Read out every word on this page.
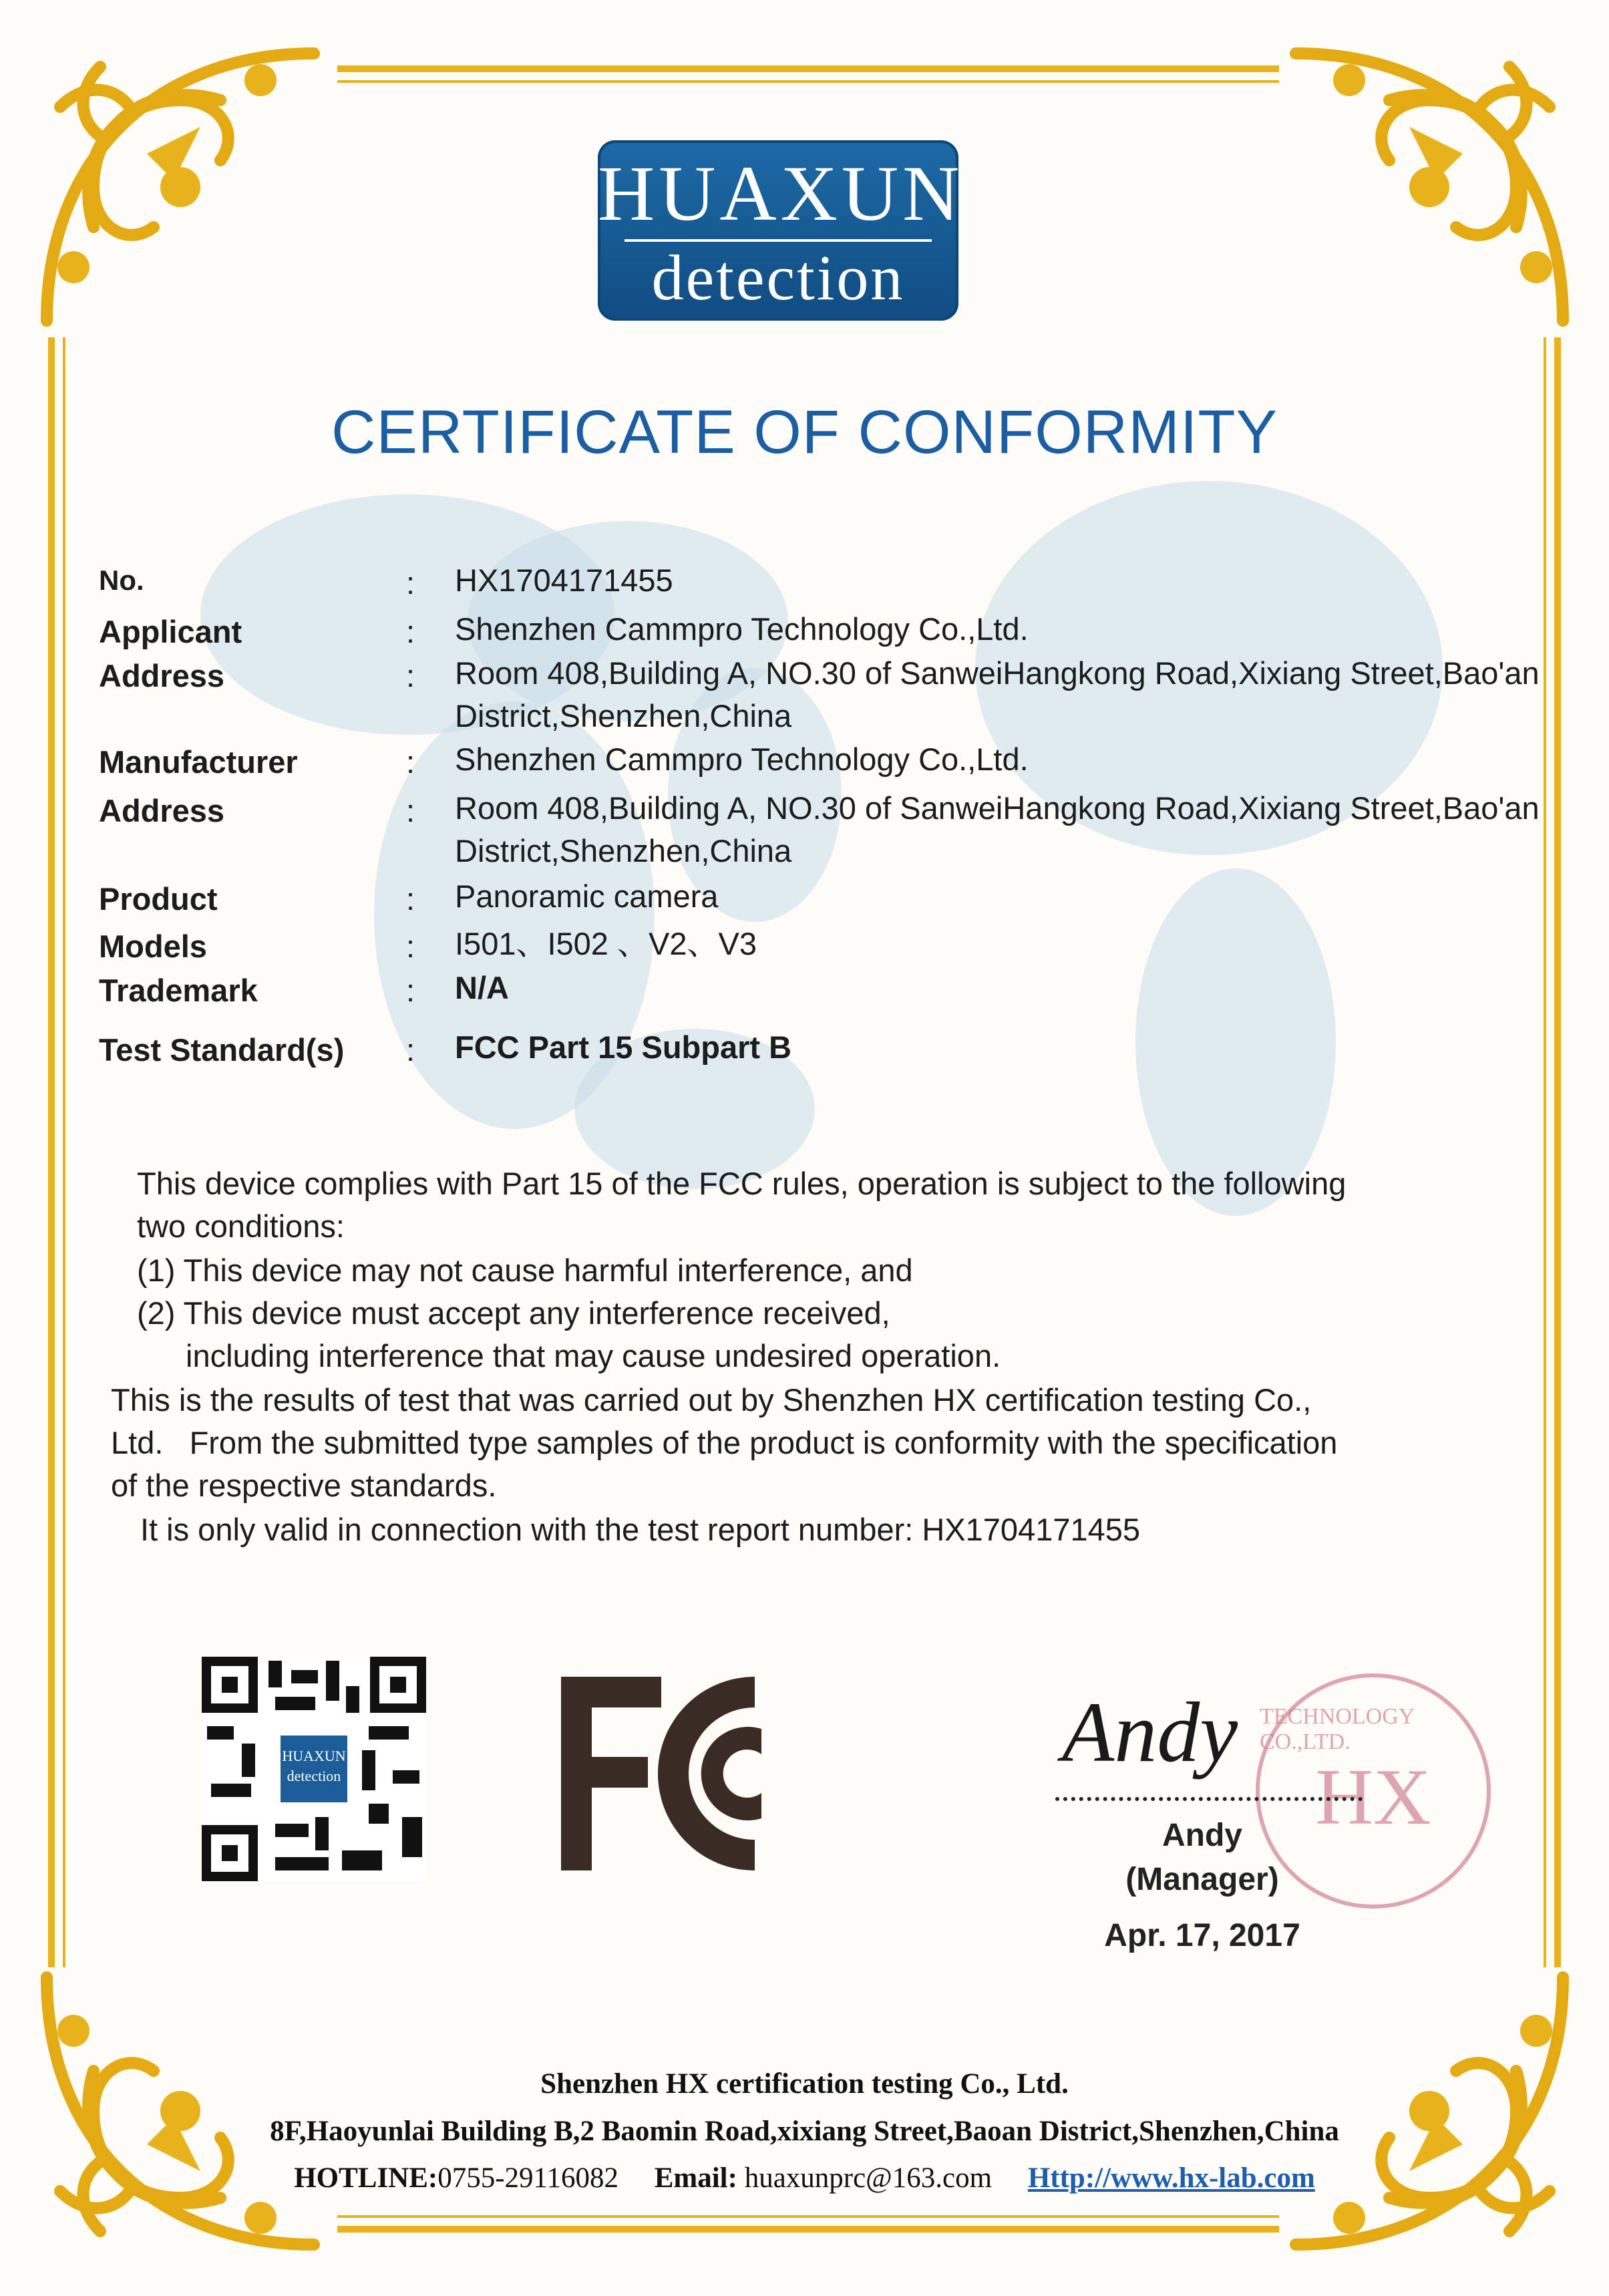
HUAXUN
detection
CERTIFICATE OF CONFORMITY
No.	: HX1704171455
Applicant	: Shenzhen Cammpro Technology Co.,Ltd.
Address	: Room 408,Building A, NO.30 of SanweiHangkong Road,Xixiang Street,Bao'an
District,Shenzhen,China
Manufacturer	: Shenzhen Cammpro Technology Co.,Ltd.
Address	: Room 408,Building A, NO.30 of SanweiHangkong Road,Xixiang Street,Bao'an
District,Shenzhen,China
Product	: Panoramic camera
Models	: I501、I502 、V2、V3
Trademark	: N/A
Test Standard(s) : FCC Part 15 Subpart B
This device complies with Part 15 of the FCC rules, operation is subject to the following
two conditions:
(1) This device may not cause harmful interference, and
(2) This device must accept any interference received,
including interference that may cause undesired operation.
This is the results of test that was carried out by Shenzhen HX certification testing Co.,
Ltd.   From the submitted type samples of the product is conformity with the specification
of the respective standards.
It is only valid in connection with the test report number: HX1704171455
HUAXUN
detection
TECHNOLOGY CO.,LTD.
HX
Andy
Andy
(Manager)
Apr. 17, 2017
Shenzhen HX certification testing Co., Ltd.
8F,Haoyunlai Building B,2 Baomin Road,xixiang Street,Baoan District,Shenzhen,China
HOTLINE:0755-29116082 Email: huaxunprc@163.com Http://www.hx-lab.com
